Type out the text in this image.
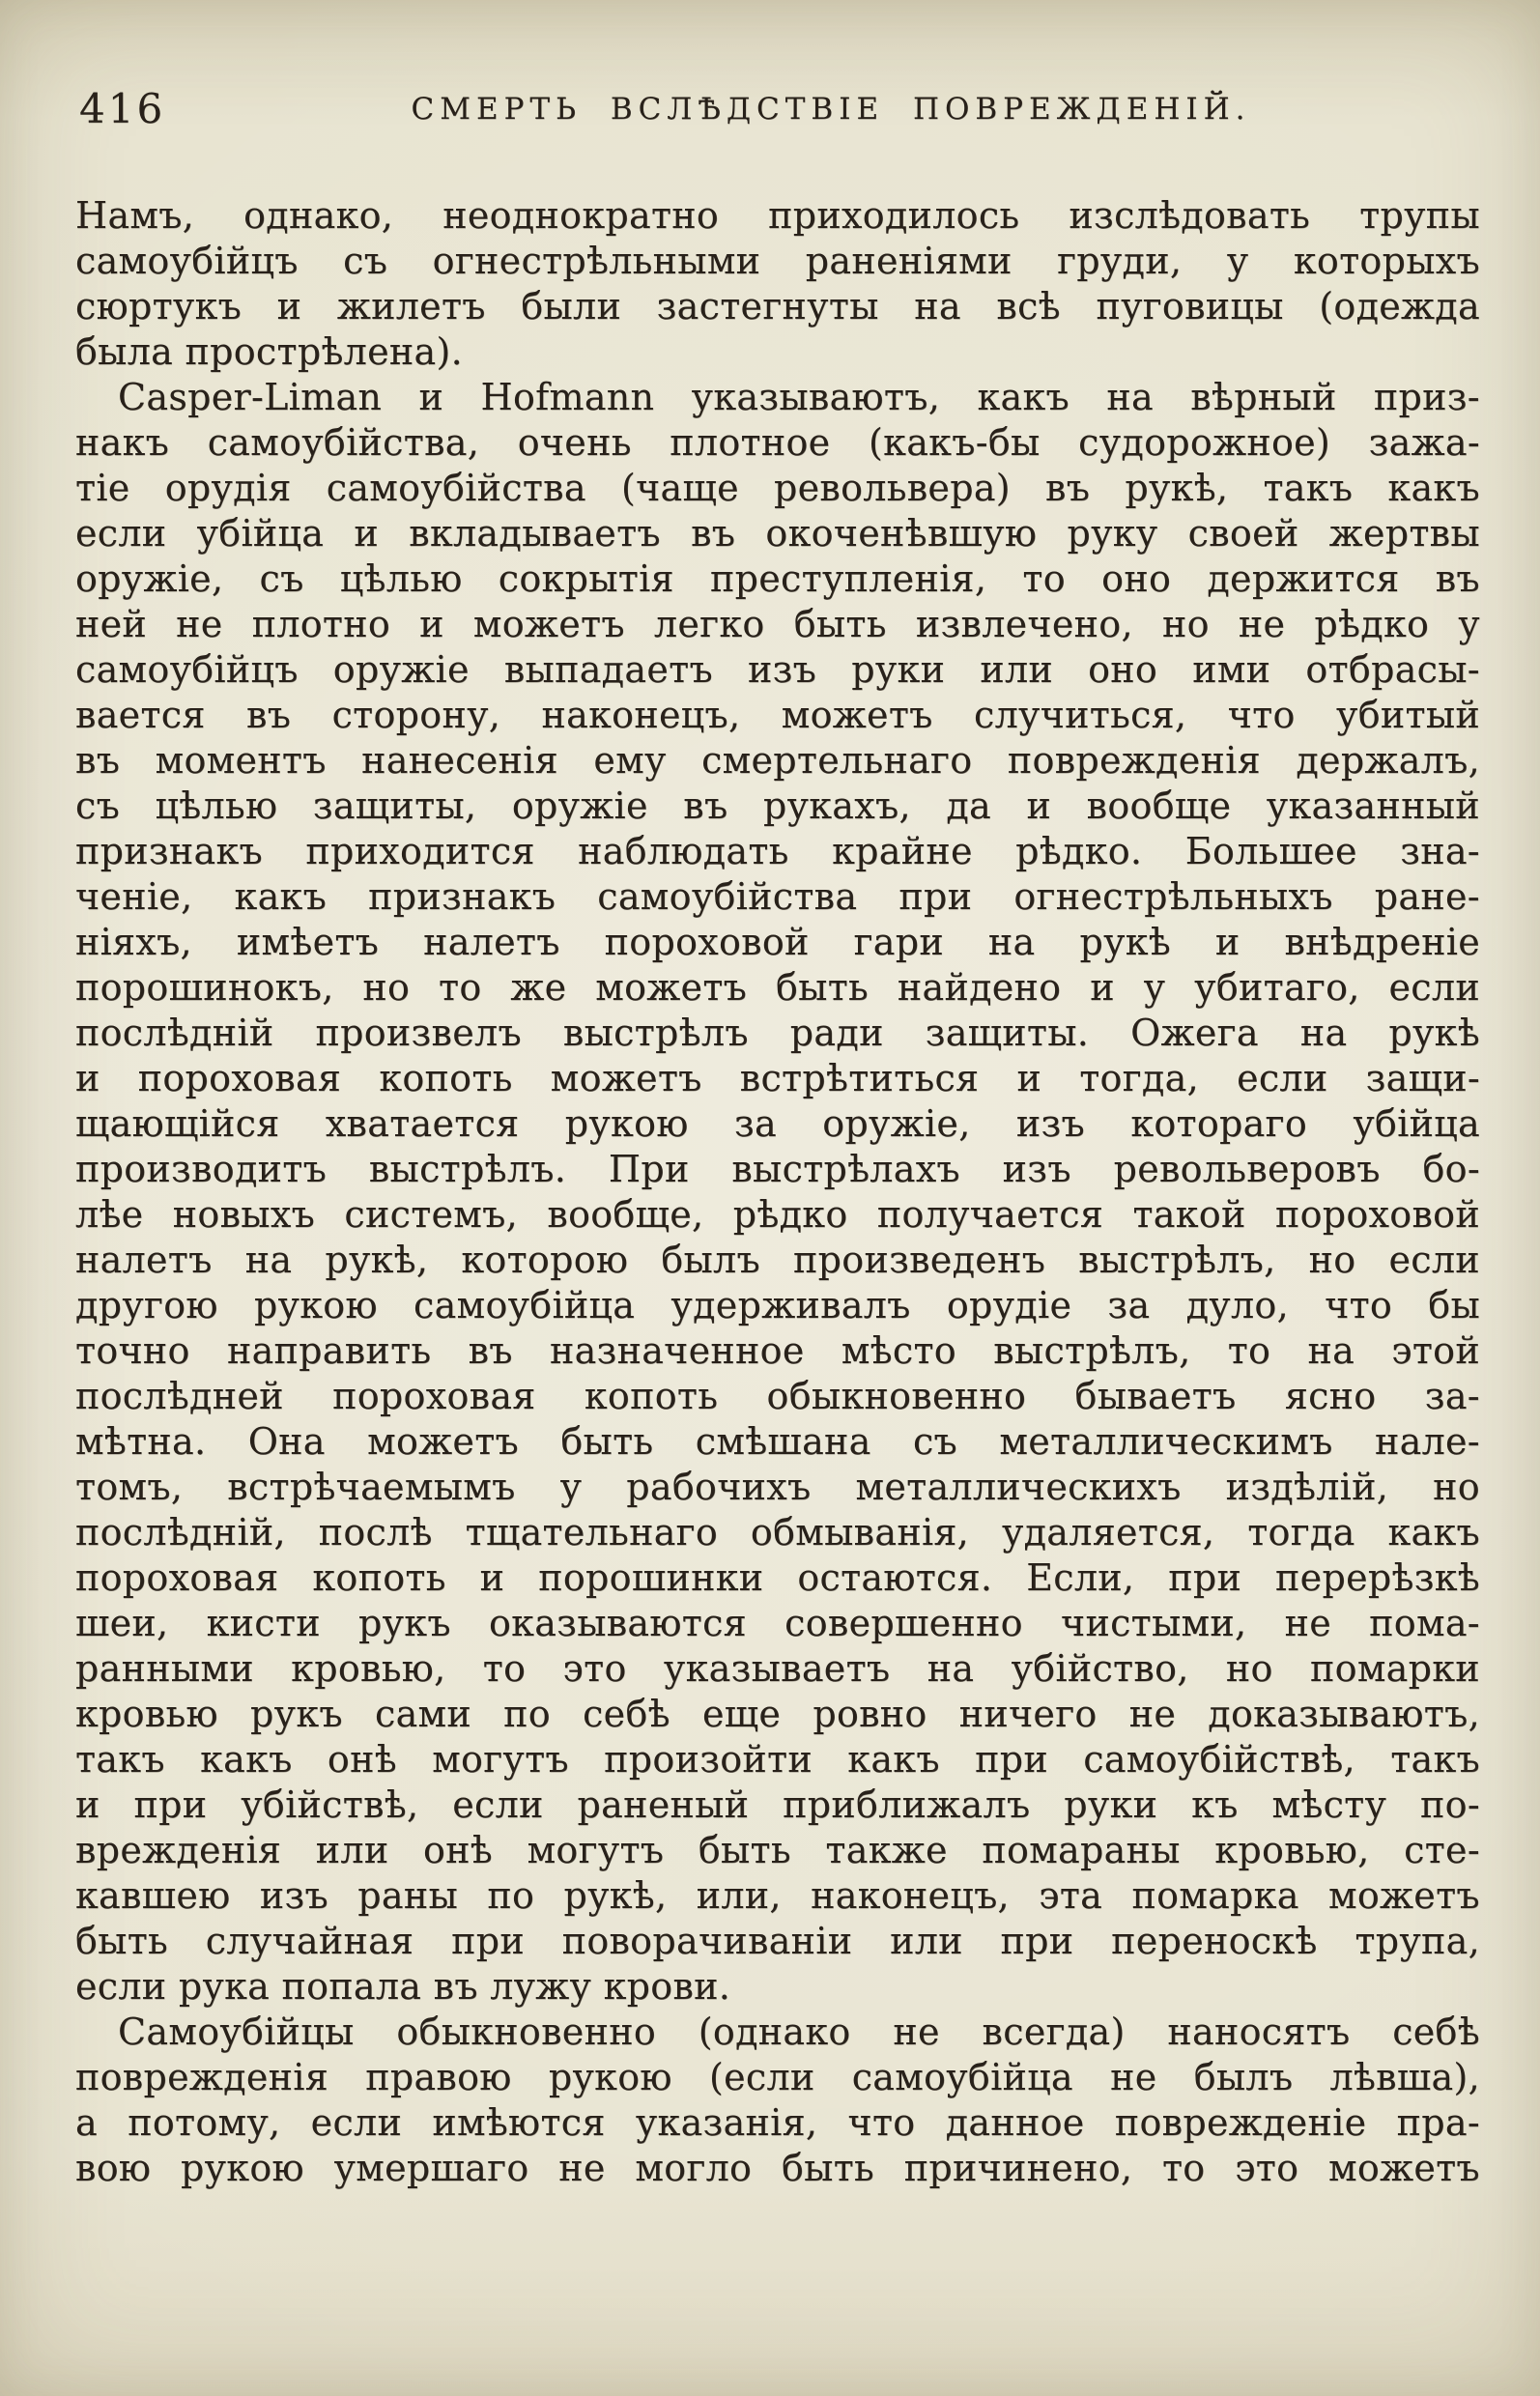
416	СМЕРТЬ ВСЛѢДСТВІЕ ПОВРЕЖДЕНІЙ.
Намъ, однако, неоднократно приходилось изслѣдовать трупы
самоубійцъ съ огнестрѣльными раненіями груди, у которыхъ
сюртукъ и жилетъ были застегнуты на всѣ пуговицы (одежда
была прострѣлена).
Casper-Liman и Hofmann указываютъ, какъ на вѣрный приз-
накъ самоубійства, очень плотное (какъ-бы судорожное) зажа-
тіе орудія самоубійства (чаще револьвера) въ рукѣ, такъ какъ
если убійца и вкладываетъ въ окоченѣвшую руку своей жертвы
оружіе, съ цѣлью сокрытія преступленія, то оно держится въ
ней не плотно и можетъ легко быть извлечено, но не рѣдко у
самоубійцъ оружіе выпадаетъ изъ руки или оно ими отбрасы-
вается въ сторону, наконецъ, можетъ случиться, что убитый
въ моментъ нанесенія ему смертельнаго поврежденія держалъ,
съ цѣлью защиты, оружіе въ рукахъ, да и вообще указанный
признакъ приходится наблюдать крайне рѣдко. Большее зна-
ченіе, какъ признакъ самоубійства при огнестрѣльныхъ ране-
ніяхъ, имѣетъ налетъ пороховой гари на рукѣ и внѣдреніе
порошинокъ, но то же можетъ быть найдено и у убитаго, если
послѣдній произвелъ выстрѣлъ ради защиты. Ожега на рукѣ
и пороховая копоть можетъ встрѣтиться и тогда, если защи-
щающійся хватается рукою за оружіе, изъ котораго убійца
производитъ выстрѣлъ. При выстрѣлахъ изъ револьверовъ бо-
лѣе новыхъ системъ, вообще, рѣдко получается такой пороховой
налетъ на рукѣ, которою былъ произведенъ выстрѣлъ, но если
другою рукою самоубійца удерживалъ орудіе за дуло, что бы
точно направить въ назначенное мѣсто выстрѣлъ, то на этой
послѣдней пороховая копоть обыкновенно бываетъ ясно за-
мѣтна. Она можетъ быть смѣшана съ металлическимъ нале-
томъ, встрѣчаемымъ у рабочихъ металлическихъ издѣлій, но
послѣдній, послѣ тщательнаго обмыванія, удаляется, тогда какъ
пороховая копоть и порошинки остаются. Если, при перерѣзкѣ
шеи, кисти рукъ оказываются совершенно чистыми, не пома-
ранными кровью, то это указываетъ на убійство, но помарки
кровью рукъ сами по себѣ еще ровно ничего не доказываютъ,
такъ какъ онѣ могутъ произойти какъ при самоубійствѣ, такъ
и при убійствѣ, если раненый приближалъ руки къ мѣсту по-
врежденія или онѣ могутъ быть также помараны кровью, сте-
кавшею изъ раны по рукѣ, или, наконецъ, эта помарка можетъ
быть случайная при поворачиваніи или при переноскѣ трупа,
если рука попала въ лужу крови.
Самоубійцы обыкновенно (однако не всегда) наносятъ себѣ
поврежденія правою рукою (если самоубійца не былъ лѣвша),
а потому, если имѣются указанія, что данное поврежденіе пра-
вою рукою умершаго не могло быть причинено, то это можетъ
